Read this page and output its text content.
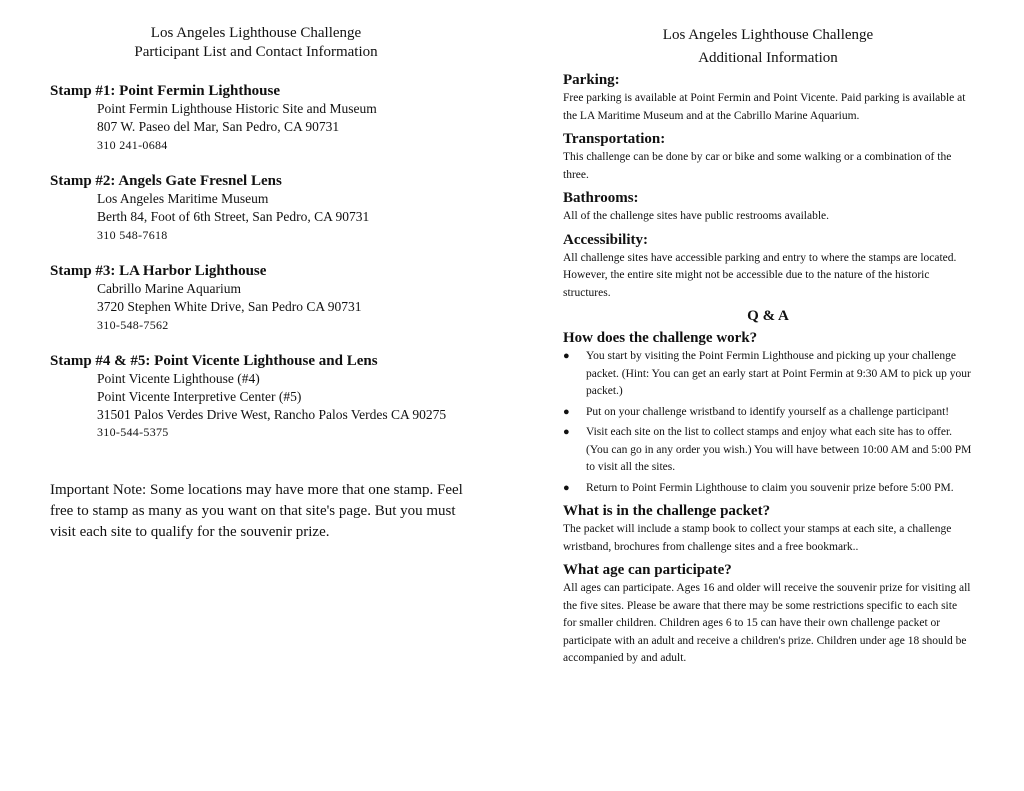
Los Angeles Lighthouse Challenge
Participant List and Contact Information
Stamp #1: Point Fermin Lighthouse
Point Fermin Lighthouse Historic Site and Museum
807 W. Paseo del Mar, San Pedro, CA 90731
310 241-0684
Stamp #2: Angels Gate Fresnel Lens
Los Angeles Maritime Museum
Berth 84, Foot of 6th Street, San Pedro, CA 90731
310 548-7618
Stamp #3: LA Harbor Lighthouse
Cabrillo Marine Aquarium
3720 Stephen White Drive, San Pedro CA 90731
310-548-7562
Stamp #4 & #5: Point Vicente Lighthouse and Lens
Point Vicente Lighthouse (#4)
Point Vicente Interpretive Center (#5)
31501 Palos Verdes Drive West, Rancho Palos Verdes CA 90275
310-544-5375
Important Note: Some locations may have more that one stamp. Feel free to stamp as many as you want on that site's page. But you must visit each site to qualify for the souvenir prize.
Los Angeles Lighthouse Challenge
Additional Information
Parking:

Free parking is available at Point Fermin and Point Vicente. Paid parking is available at the LA Maritime Museum and at the Cabrillo Marine Aquarium.

Transportation:

This challenge can be done by car or bike and some walking or a combination of the three.

Bathrooms:

All of the challenge sites have public restrooms available.

Accessibility:

All challenge sites have accessible parking and entry to where the stamps are located. However, the entire site might not be accessible due to the nature of the historic structures.

Q & A
How does the challenge work?
● You start by visiting the Point Fermin Lighthouse and picking up your challenge packet. (Hint: You can get an early start at Point Fermin at 9:30 AM to pick up your packet.)
● Put on your challenge wristband to identify yourself as a challenge participant!
● Visit each site on the list to collect stamps and enjoy what each site has to offer. (You can go in any order you wish.) You will have between 10:00 AM and 5:00 PM to visit all the sites.
● Return to Point Fermin Lighthouse to claim you souvenir prize before 5:00 PM.
What is in the challenge packet?

The packet will include a stamp book to collect your stamps at each site, a challenge wristband, brochures from challenge sites and a free bookmark..

What age can participate?

All ages can participate. Ages 16 and older will receive the souvenir prize for visiting all the five sites. Please be aware that there may be some restrictions specific to each site for smaller children. Children ages 6 to 15 can have their own challenge packet or participate with an adult and receive a children's prize. Children under age 18 should be accompanied by and adult.
